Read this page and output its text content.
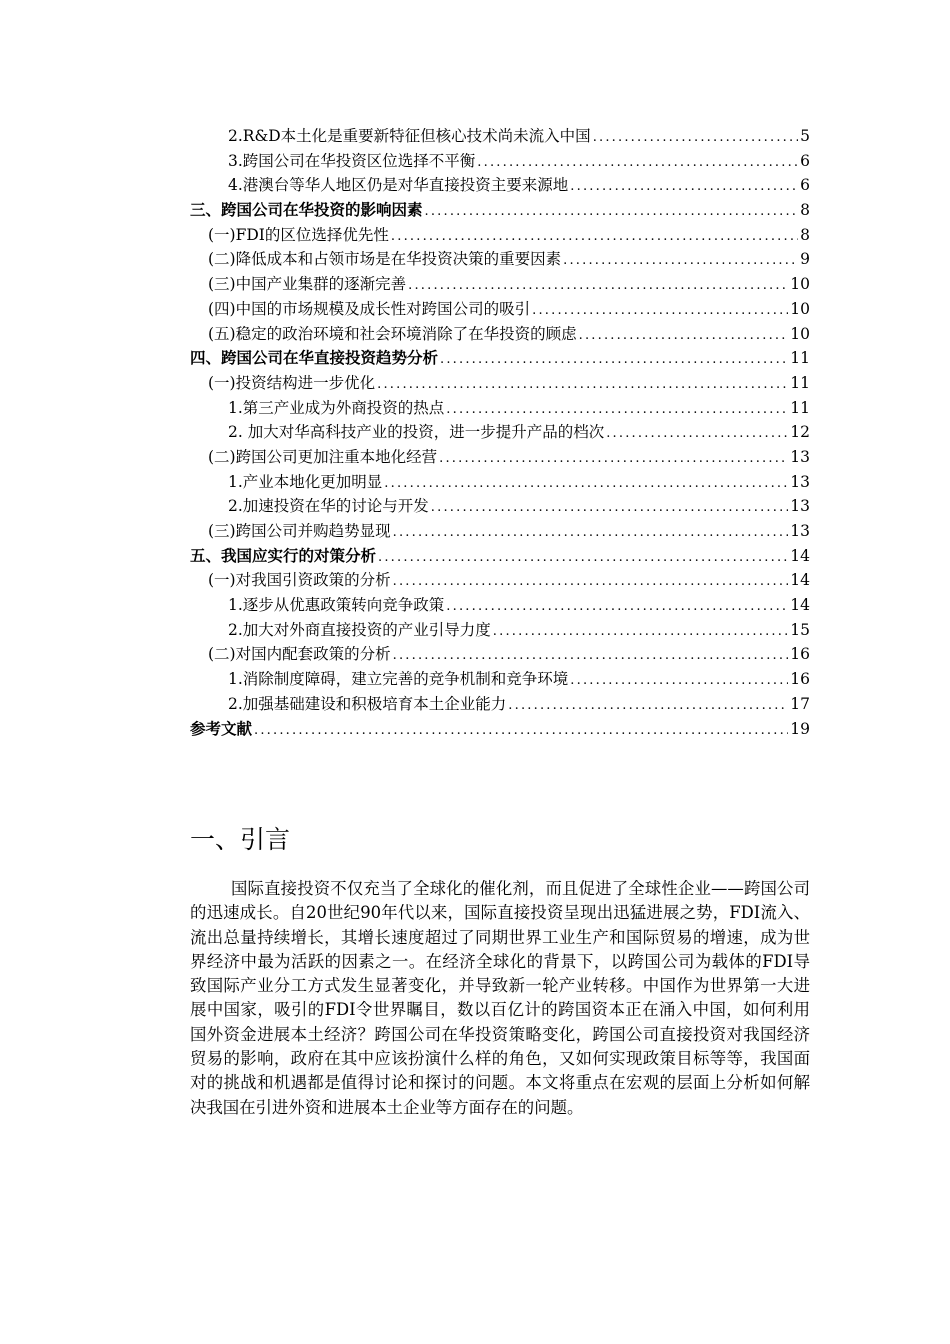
2.R&D本土化是重要新特征但核心技术尚未流入中国 .....	5
3.跨国公司在华投资区位选择不平衡 .....	6
4.港澳台等华人地区仍是对华直接投资主要来源地 .....	6
三、跨国公司在华投资的影响因素 .....	8
(一)FDI的区位选择优先性 .....	8
(二)降低成本和占领市场是在华投资决策的重要因素 .....	9
(三)中国产业集群的逐渐完善 .....	10
(四)中国的市场规模及成长性对跨国公司的吸引 .....	10
(五)稳定的政治环境和社会环境消除了在华投资的顾虑 .....	10
四、跨国公司在华直接投资趋势分析 .....	11
(一)投资结构进一步优化 .....	11
1.第三产业成为外商投资的热点 .....	11
2. 加大对华高科技产业的投资，进一步提升产品的档次 .....	12
(二)跨国公司更加注重本地化经营 .....	13
1.产业本地化更加明显 .....	13
2.加速投资在华的讨论与开发 .....	13
(三)跨国公司并购趋势显现 .....	13
五、我国应实行的对策分析 .....	14
(一)对我国引资政策的分析 .....	14
1.逐步从优惠政策转向竞争政策 .....	14
2.加大对外商直接投资的产业引导力度 .....	15
(二)对国内配套政策的分析 .....	16
1.消除制度障碍，建立完善的竞争机制和竞争环境 .....	16
2.加强基础建设和积极培育本土企业能力 .....	17
参考文献 .....	19
一、引言

国际直接投资不仅充当了全球化的催化剂，而且促进了全球性企业——跨国公司的迅速成长。自20世纪90年代以来，国际直接投资呈现出迅猛进展之势，FDI流入、流出总量持续增长，其增长速度超过了同期世界工业生产和国际贸易的增速，成为世界经济中最为活跃的因素之一。在经济全球化的背景下，以跨国公司为载体的FDI导致国际产业分工方式发生显著变化，并导致新一轮产业转移。中国作为世界第一大进展中国家，吸引的FDI令世界瞩目，数以百亿计的跨国资本正在涌入中国，如何利用国外资金进展本土经济？跨国公司在华投资策略变化，跨国公司直接投资对我国经济贸易的影响，政府在其中应该扮演什么样的角色，又如何实现政策目标等等，我国面对的挑战和机遇都是值得讨论和探讨的问题。本文将重点在宏观的层面上分析如何解决我国在引进外资和进展本土企业等方面存在的问题。
